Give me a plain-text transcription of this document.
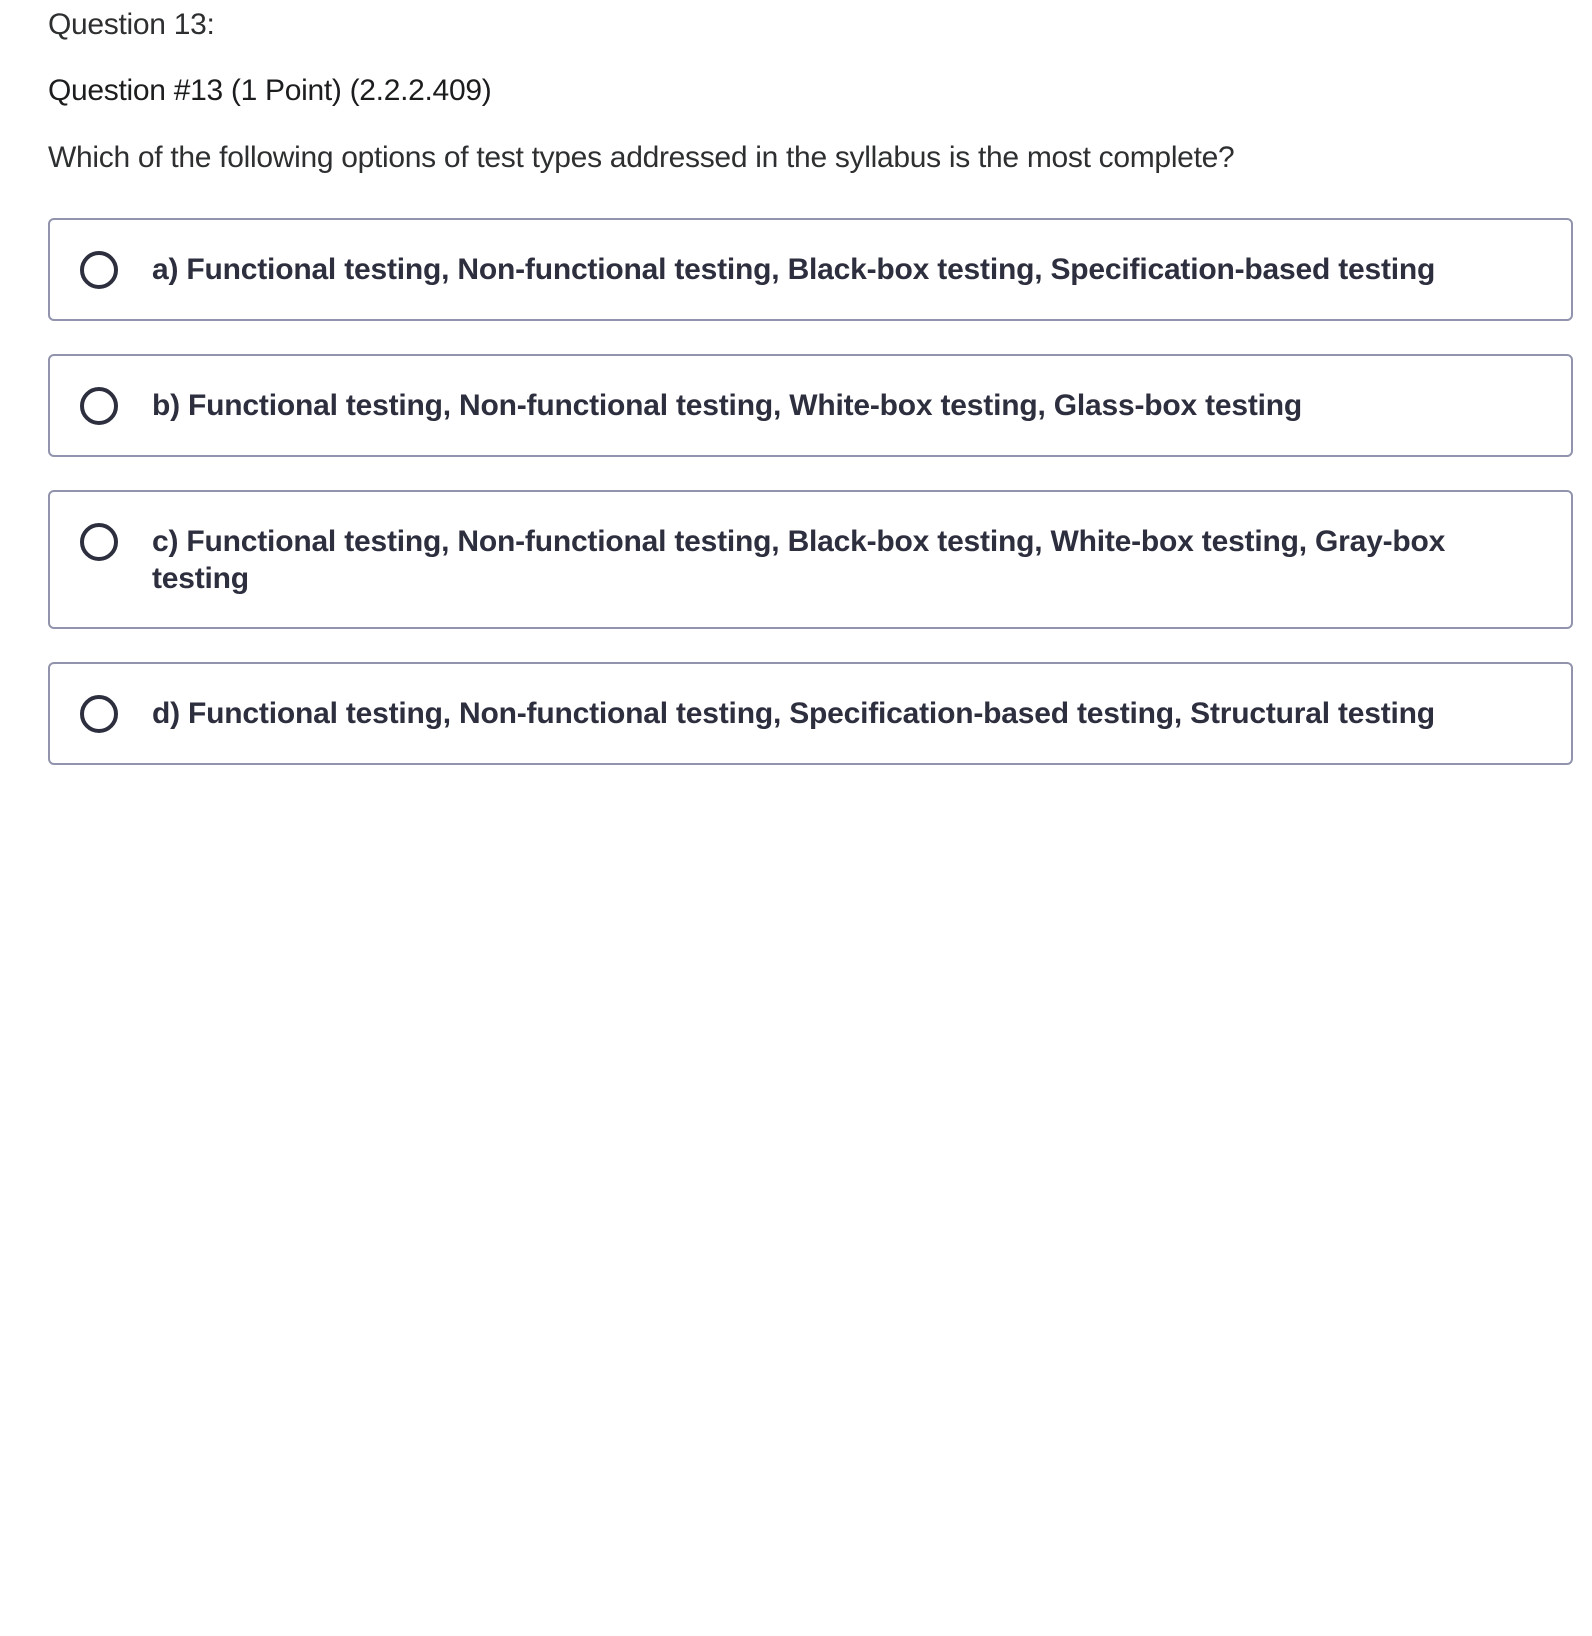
Question 13:
Question #13 (1 Point) (2.2.2.409)
Which of the following options of test types addressed in the syllabus is the most complete?
a) Functional testing, Non-functional testing, Black-box testing, Specification-based testing
b) Functional testing, Non-functional testing, White-box testing, Glass-box testing
c) Functional testing, Non-functional testing, Black-box testing, White-box testing, Gray-box testing
d) Functional testing, Non-functional testing, Specification-based testing, Structural testing
